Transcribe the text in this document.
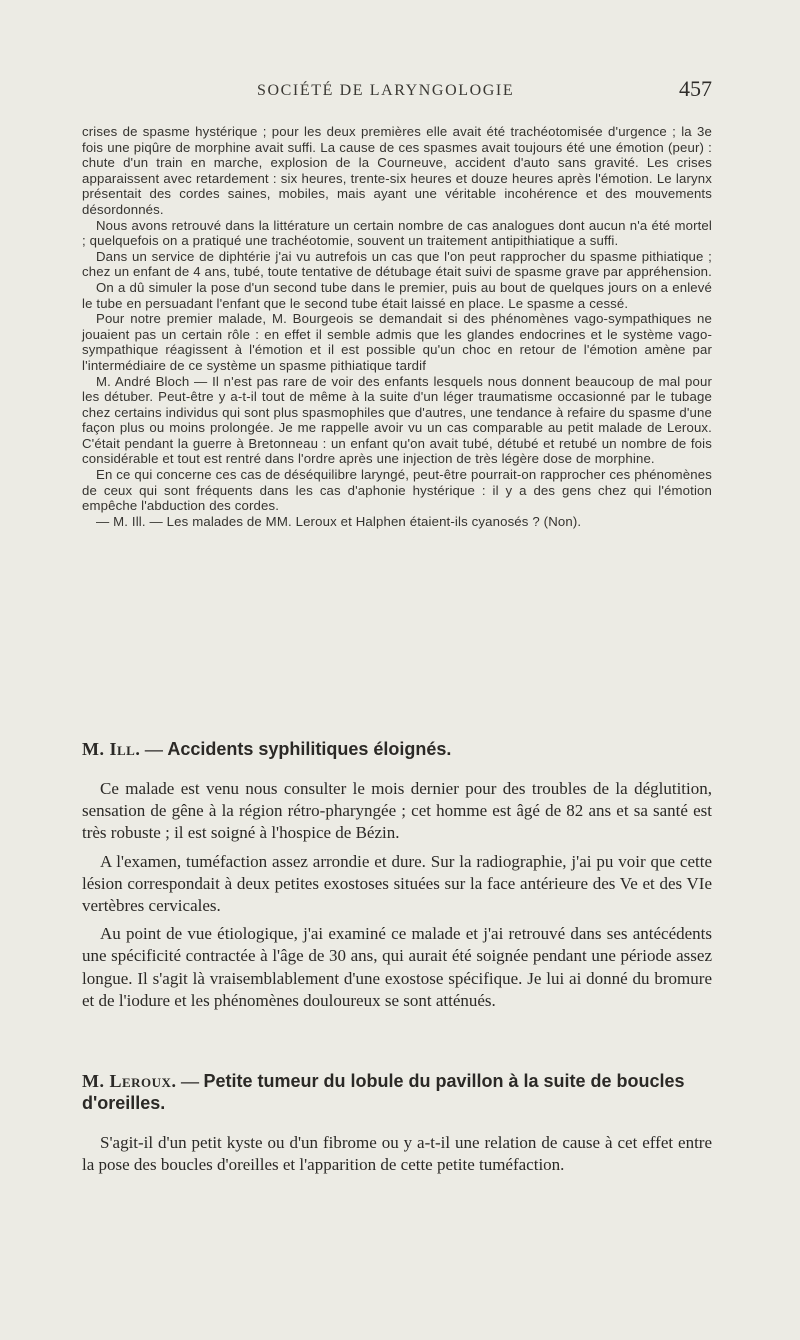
SOCIÉTÉ DE LARYNGOLOGIE	457

crises de spasme hystérique ; pour les deux premières elle avait été trachéotomisée d'urgence ; la 3e fois une piqûre de morphine avait suffi. La cause de ces spasmes avait toujours été une émotion (peur) : chute d'un train en marche, explosion de la Courneuve, accident d'auto sans gravité. Les crises apparaissent avec retardement : six heures, trente-six heures et douze heures après l'émotion. Le larynx présentait des cordes saines, mobiles, mais ayant une véritable incohérence et des mouvements désordonnés.

Nous avons retrouvé dans la littérature un certain nombre de cas analogues dont aucun n'a été mortel ; quelquefois on a pratiqué une trachéotomie, souvent un traitement antipithiatique a suffi.

Dans un service de diphtérie j'ai vu autrefois un cas que l'on peut rapprocher du spasme pithiatique ; chez un enfant de 4 ans, tubé, toute tentative de détubage était suivi de spasme grave par appréhension.

On a dû simuler la pose d'un second tube dans le premier, puis au bout de quelques jours on a enlevé le tube en persuadant l'enfant que le second tube était laissé en place. Le spasme a cessé.

Pour notre premier malade, M. Bourgeois se demandait si des phénomènes vago-sympathiques ne jouaient pas un certain rôle : en effet il semble admis que les glandes endocrines et le système vago-sympathique réagissent à l'émotion et il est possible qu'un choc en retour de l'émotion amène par l'intermédiaire de ce système un spasme pithiatique tardif

M. André Bloch — Il n'est pas rare de voir des enfants lesquels nous donnent beaucoup de mal pour les détuber. Peut-être y a-t-il tout de même à la suite d'un léger traumatisme occasionné par le tubage chez certains individus qui sont plus spasmophiles que d'autres, une tendance à refaire du spasme d'une façon plus ou moins prolongée. Je me rappelle avoir vu un cas comparable au petit malade de Leroux. C'était pendant la guerre à Bretonneau : un enfant qu'on avait tubé, détubé et retubé un nombre de fois considérable et tout est rentré dans l'ordre après une injection de très légère dose de morphine.

En ce qui concerne ces cas de déséquilibre laryngé, peut-être pourrait-on rapprocher ces phénomènes de ceux qui sont fréquents dans les cas d'aphonie hystérique : il y a des gens chez qui l'émotion empêche l'abduction des cordes.

— M. Ill. — Les malades de MM. Leroux et Halphen étaient-ils cyanosés ? (Non).

M. Ill. — Accidents syphilitiques éloignés.

Ce malade est venu nous consulter le mois dernier pour des troubles de la déglutition, sensation de gêne à la région rétro-pharyngée ; cet homme est âgé de 82 ans et sa santé est très robuste ; il est soigné à l'hospice de Bézin.

A l'examen, tuméfaction assez arrondie et dure. Sur la radiographie, j'ai pu voir que cette lésion correspondait à deux petites exostoses situées sur la face antérieure des Ve et des VIe vertèbres cervicales.

Au point de vue étiologique, j'ai examiné ce malade et j'ai retrouvé dans ses antécédents une spécificité contractée à l'âge de 30 ans, qui aurait été soignée pendant une période assez longue. Il s'agit là vraisemblablement d'une exostose spécifique. Je lui ai donné du bromure et de l'iodure et les phénomènes douloureux se sont atténués.

M. Leroux. — Petite tumeur du lobule du pavillon à la suite de boucles d'oreilles.

S'agit-il d'un petit kyste ou d'un fibrome ou y a-t-il une relation de cause à cet effet entre la pose des boucles d'oreilles et l'apparition de cette petite tuméfaction.
